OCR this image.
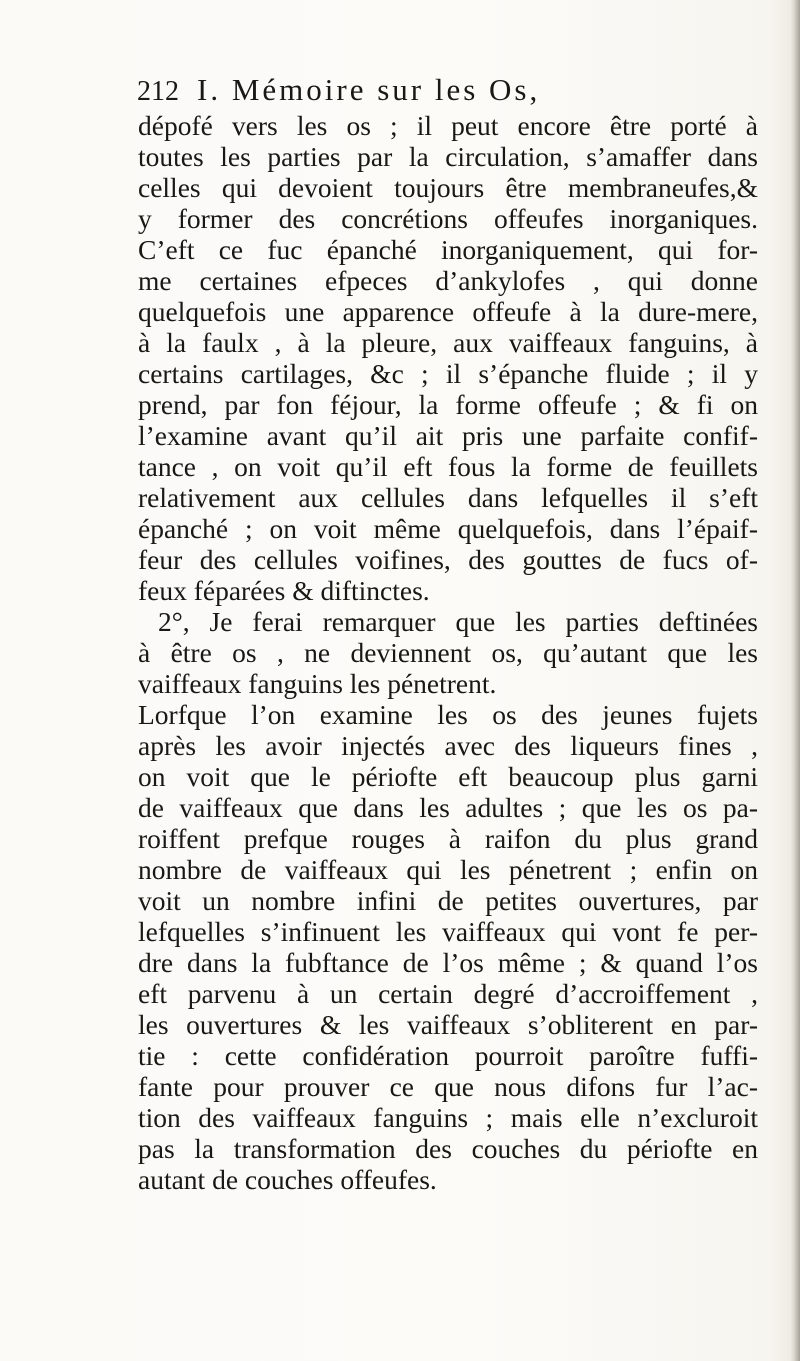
212 I. Mémoire sur les Os,
dépofé vers les os ; il peut encore être porté à
toutes les parties par la circulation, s’amaffer dans
celles qui devoient toujours être membraneufes,&
y former des concrétions offeufes inorganiques.
C’eft ce fuc épanché inorganiquement, qui for-
me certaines efpeces d’ankylofes , qui donne
quelquefois une apparence offeufe à la dure-mere,
à la faulx , à la pleure, aux vaiffeaux fanguins, à
certains cartilages, &c ; il s’épanche fluide ; il y
prend, par fon féjour, la forme offeufe ; & fi on
l’examine avant qu’il ait pris une parfaite confif-
tance , on voit qu’il eft fous la forme de feuillets
relativement aux cellules dans lefquelles il s’eft
épanché ; on voit même quelquefois, dans l’épaif-
feur des cellules voifines, des gouttes de fucs of-
feux féparées & diftinctes.
2°, Je ferai remarquer que les parties deftinées
à être os , ne deviennent os, qu’autant que les
vaiffeaux fanguins les pénetrent.
Lorfque l’on examine les os des jeunes fujets
après les avoir injectés avec des liqueurs fines ,
on voit que le périofte eft beaucoup plus garni
de vaiffeaux que dans les adultes ; que les os pa-
roiffent prefque rouges à raifon du plus grand
nombre de vaiffeaux qui les pénetrent ; enfin on
voit un nombre infini de petites ouvertures, par
lefquelles s’infinuent les vaiffeaux qui vont fe per-
dre dans la fubftance de l’os même ; & quand l’os
eft parvenu à un certain degré d’accroiffement ,
les ouvertures & les vaiffeaux s’obliterent en par-
tie : cette confidération pourroit paroître fuffi-
fante pour prouver ce que nous difons fur l’ac-
tion des vaiffeaux fanguins ; mais elle n’excluroit
pas la transformation des couches du périofte en
autant de couches offeufes.
